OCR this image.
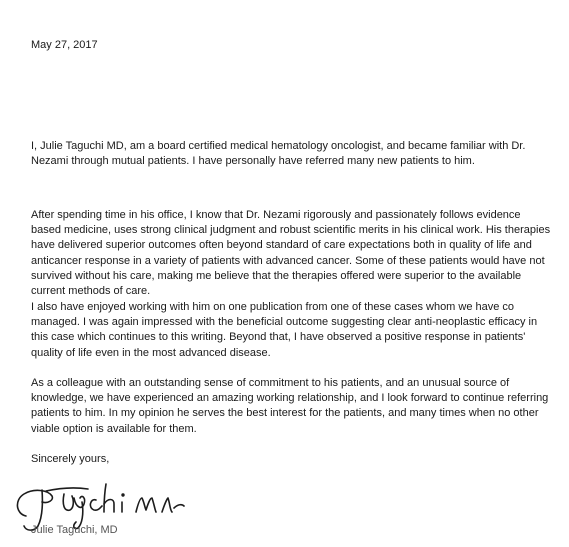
May 27, 2017

I, Julie Taguchi MD, am a board certified medical hematology oncologist, and became familiar with Dr. Nezami through mutual patients. I have personally have referred many new patients to him.

After spending time in his office, I know that Dr. Nezami rigorously and passionately follows evidence based medicine, uses strong clinical judgment and robust scientific merits in his clinical work. His therapies have delivered superior outcomes often beyond standard of care expectations both in quality of life and anticancer response in a variety of patients with advanced cancer. Some of these patients would have not survived without his care, making me believe that the therapies offered were superior to the available current methods of care.

I also have enjoyed working with him on one publication from one of these cases whom we have co managed. I was again impressed with the beneficial outcome suggesting clear anti-neoplastic efficacy in this case which continues to this writing. Beyond that, I have observed a positive response in patients' quality of life even in the most advanced disease.

As a colleague with an outstanding sense of commitment to his patients, and an unusual source of knowledge, we have experienced an amazing working relationship, and I look forward to continue referring patients to him. In my opinion he serves the best interest for the patients, and many times when no other viable option is available for them.

Sincerely yours,
Julie Taguchi, MD
